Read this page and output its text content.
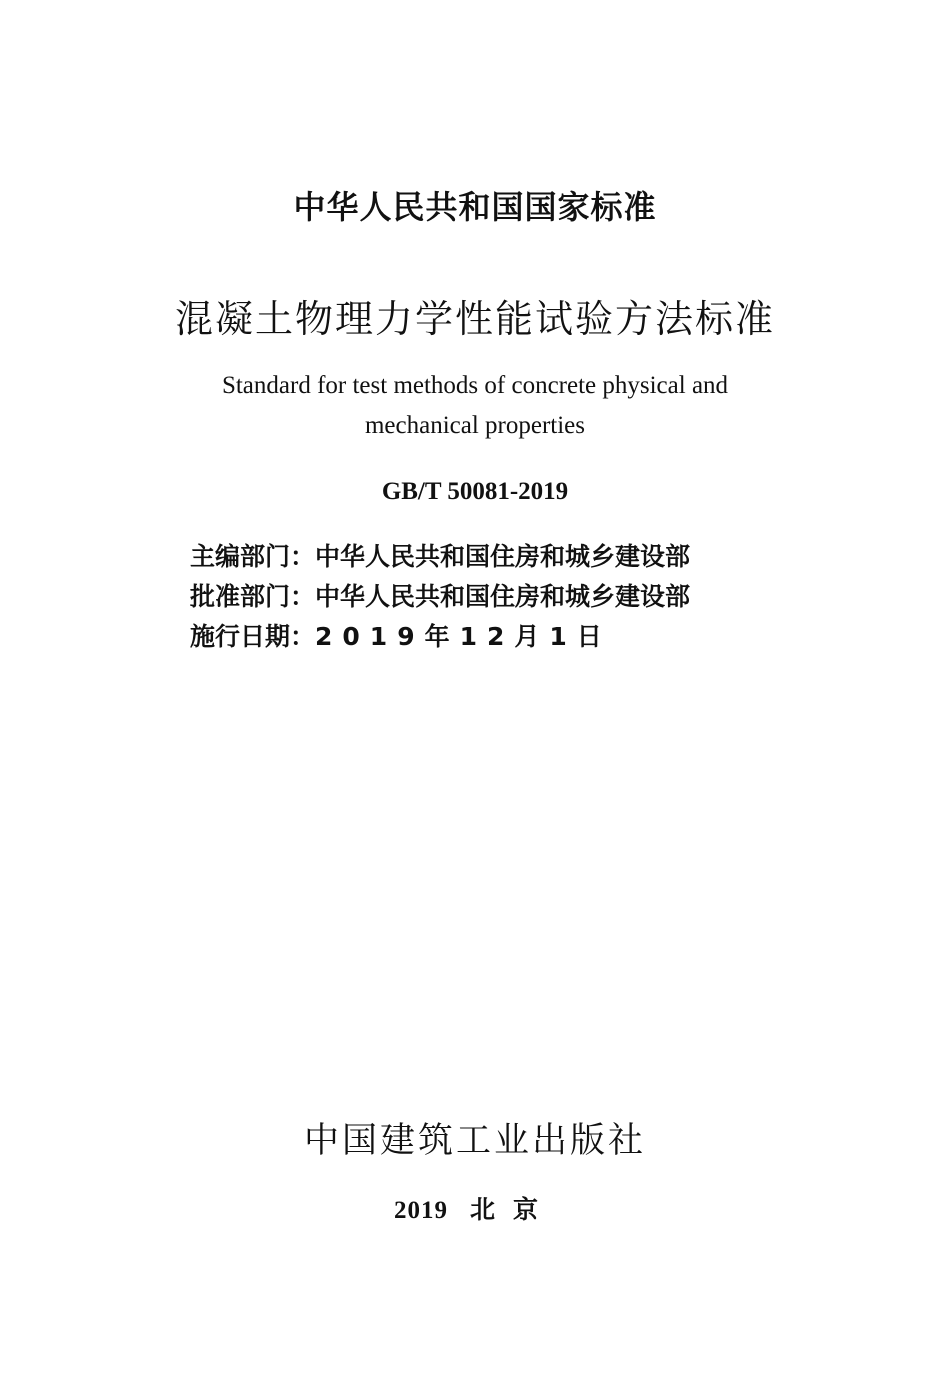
中华人民共和国国家标准
混凝土物理力学性能试验方法标准
Standard for test methods of concrete physical and
mechanical properties
GB/T 50081-2019
主编部门：中华人民共和国住房和城乡建设部
批准部门：中华人民共和国住房和城乡建设部
施行日期：2019年12月1日
中国建筑工业出版社
2019 北京
